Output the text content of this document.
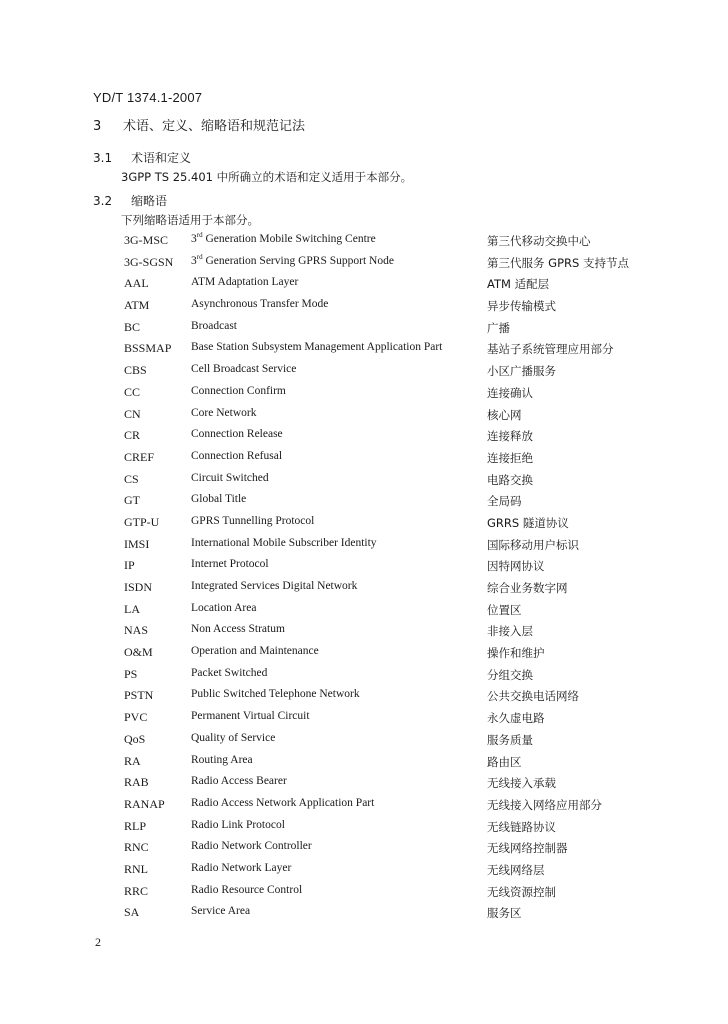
YD/T 1374.1-2007
3 术语、定义、缩略语和规范记法
3.1 术语和定义
3GPP TS 25.401 中所确立的术语和定义适用于本部分。
3.2 缩略语
下列缩略语适用于本部分。
3G-MSC 3rd Generation Mobile Switching Centre	第三代移动交换中心
3G-SGSN 3rd Generation Serving GPRS Support Node	第三代服务 GPRS 支持节点
AAL	ATM Adaptation Layer	ATM 适配层
ATM	Asynchronous Transfer Mode	异步传输模式
BC	Broadcast	广播
BSSMAP Base Station Subsystem Management Application Part	基站子系统管理应用部分
CBS	Cell Broadcast Service	小区广播服务
CC	Connection Confirm	连接确认
CN	Core Network	核心网
CR	Connection Release	连接释放
CREF	Connection Refusal	连接拒绝
CS	Circuit Switched	电路交换
GT	Global Title	全局码
GTP-U	GPRS Tunnelling Protocol	GRRS 隧道协议
IMSI	International Mobile Subscriber Identity	国际移动用户标识
IP	Internet Protocol	因特网协议
ISDN	Integrated Services Digital Network	综合业务数字网
LA	Location Area	位置区
NAS	Non Access Stratum	非接入层
O&M	Operation and Maintenance	操作和维护
PS	Packet Switched	分组交换
PSTN	Public Switched Telephone Network	公共交换电话网络
PVC	Permanent Virtual Circuit	永久虚电路
QoS	Quality of Service	服务质量
RA	Routing Area	路由区
RAB	Radio Access Bearer	无线接入承载
RANAP Radio Access Network Application Part	无线接入网络应用部分
RLP	Radio Link Protocol	无线链路协议
RNC	Radio Network Controller	无线网络控制器
RNL	Radio Network Layer	无线网络层
RRC	Radio Resource Control	无线资源控制
SA	Service Area	服务区
2
